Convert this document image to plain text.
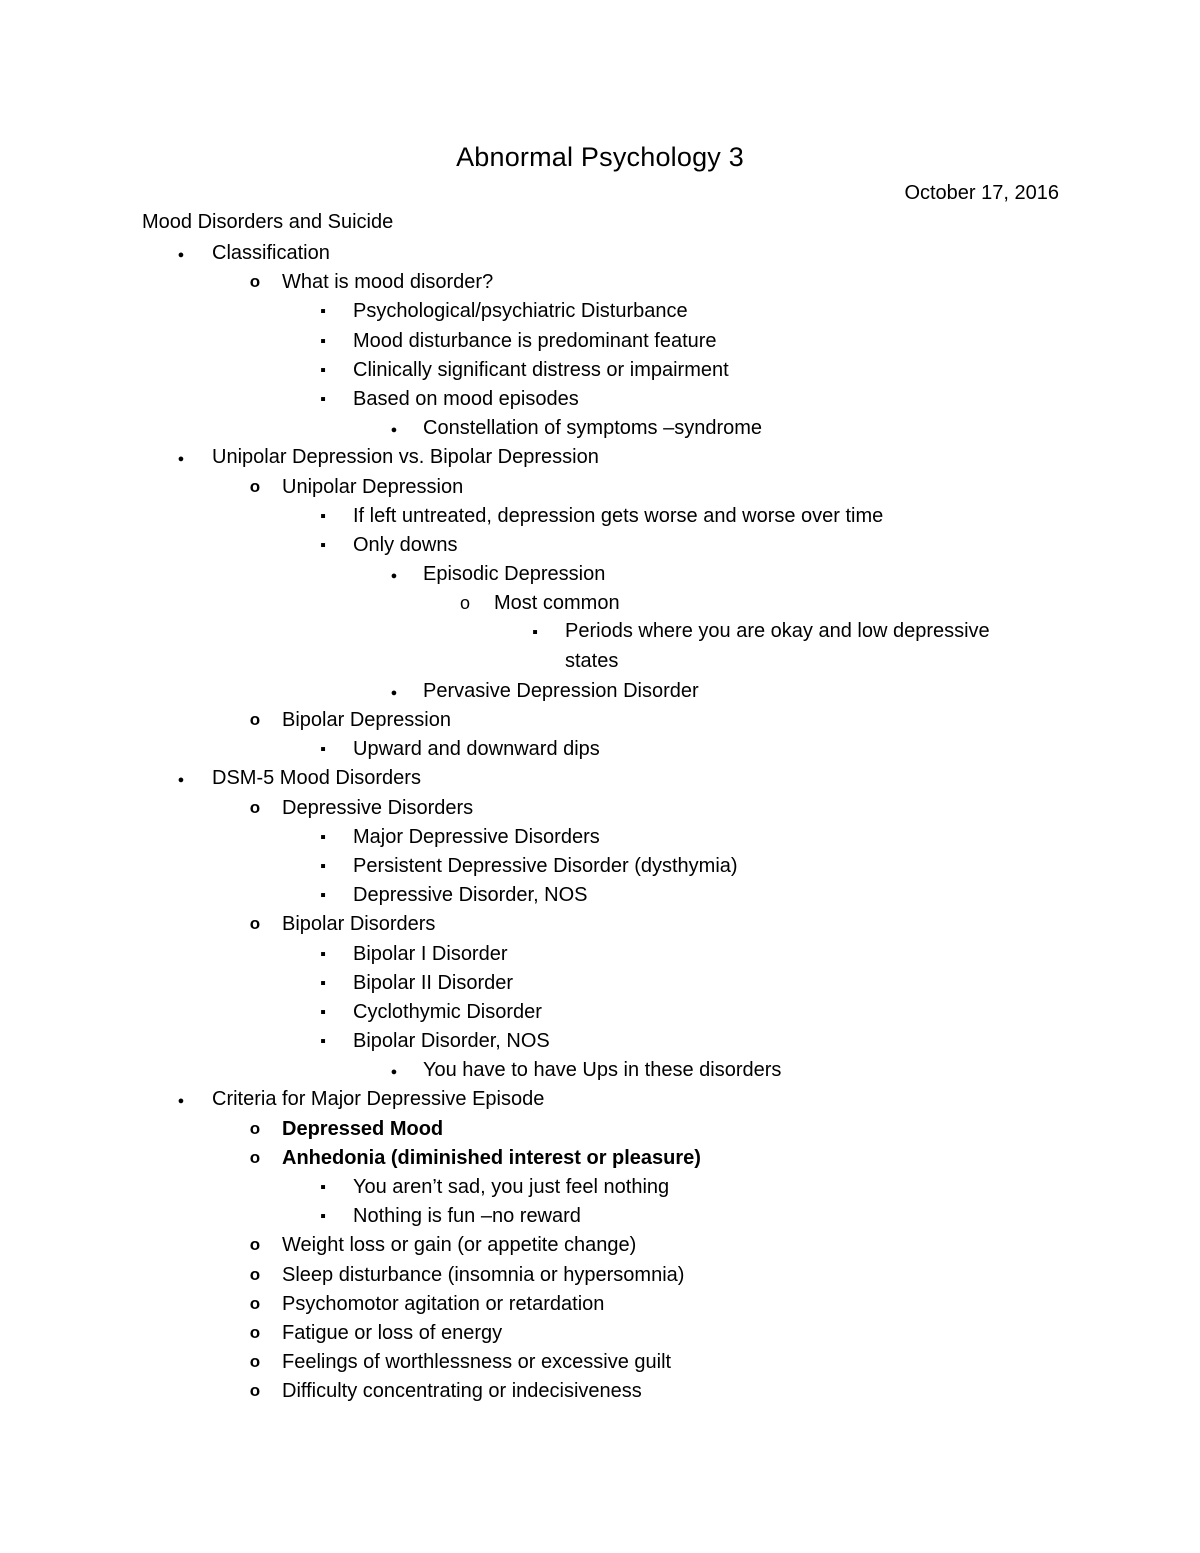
Abnormal Psychology 3
October 17, 2016
Mood Disorders and Suicide
●
Classification
o
What is mood disorder?
▪
Psychological/psychiatric Disturbance
▪
Mood disturbance is predominant feature
▪
Clinically significant distress or impairment
▪
Based on mood episodes
●
Constellation of symptoms –syndrome
●
Unipolar Depression vs. Bipolar Depression
o
Unipolar Depression
▪
If left untreated, depression gets worse and worse over time
▪
Only downs
●
Episodic Depression
o
Most common
▪
Periods where you are okay and low depressive states
●
Pervasive Depression Disorder
o
Bipolar Depression
▪
Upward and downward dips
●
DSM-5 Mood Disorders
o
Depressive Disorders
▪
Major Depressive Disorders
▪
Persistent Depressive Disorder (dysthymia)
▪
Depressive Disorder, NOS
o
Bipolar Disorders
▪
Bipolar I Disorder
▪
Bipolar II Disorder
▪
Cyclothymic Disorder
▪
Bipolar Disorder, NOS
●
You have to have Ups in these disorders
●
Criteria for Major Depressive Episode
o
Depressed Mood
o
Anhedonia (diminished interest or pleasure)
▪
You aren’t sad, you just feel nothing
▪
Nothing is fun –no reward
o
Weight loss or gain (or appetite change)
o
Sleep disturbance (insomnia or hypersomnia)
o
Psychomotor agitation or retardation
o
Fatigue or loss of energy
o
Feelings of worthlessness or excessive guilt
o
Difficulty concentrating or indecisiveness
